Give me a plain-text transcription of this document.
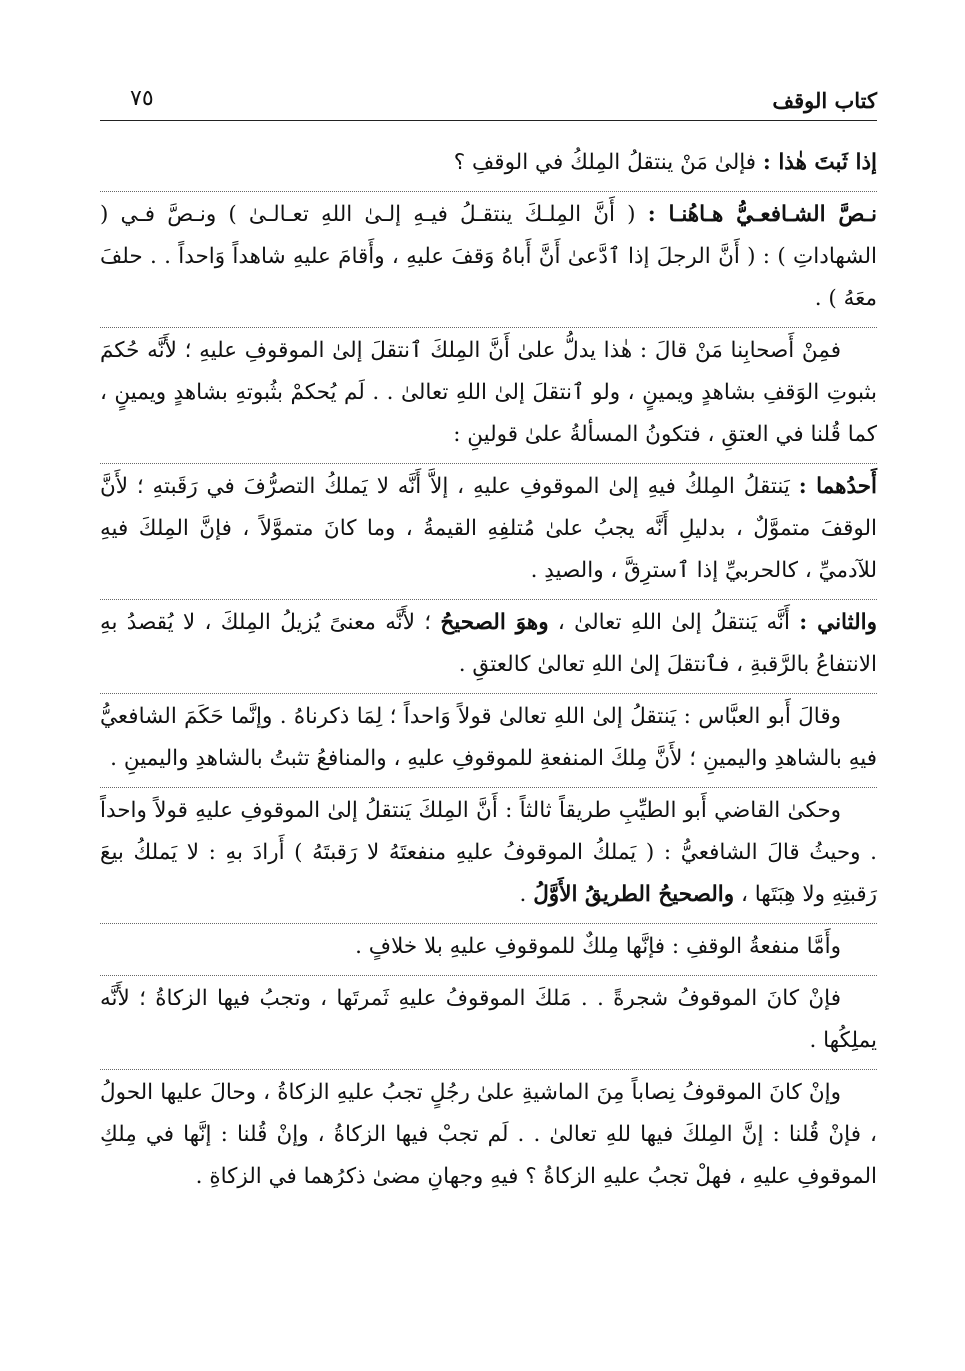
كتاب الوقف
٧٥

إذا ثَبتَ هٰذا : فإلىٰ مَنْ ينتقلُ المِلكُ في الوقفِ ؟

نـصَّ الشـافعـيُّ هـاهُنـا : ( أَنَّ المِلـكَ ينتقـلُ فيـهِ إلـىٰ اللهِ تعـالـىٰ ) ونـصَّ فـي ( الشهاداتِ ) : ( أَنَّ الرجلَ إذا ٱدَّعىٰ أَنَّ أَباهُ وَقفَ عليهِ ، وأَقامَ عليهِ شاهداً وَاحداً . . حلفَ معَهُ ) .

فمِنْ أَصحابِنا مَنْ قالَ : هٰذا يدلُّ علىٰ أَنَّ المِلكَ ٱنتقلَ إلىٰ الموقوفِ عليهِ ؛ لأَنَّه حُكمَ بثبوتِ الوَقفِ بشاهدٍ ويمينٍ ، ولو ٱنتقلَ إلىٰ اللهِ تعالىٰ . . لَم يُحكمْ بثُبوتهِ بشاهدٍ ويمينٍ ، كما قُلنا في العتقِ ، فتكونُ المسألةُ علىٰ قولينِ :

أَحدُهما : يَنتقلُ المِلكُ فيهِ إلىٰ الموقوفِ عليهِ ، إلاَّ أَنَّه لا يَملكُ التصرُّفَ في رَقَبتهِ ؛ لأَنَّ الوقفَ متموَّلٌ ، بدليلِ أَنَّه يجبُ علىٰ مُتلفِهِ القيمةُ ، وما كانَ متموَّلاً ، فإنَّ المِلكَ فيهِ للآدميِّ ، كالحربيِّ إذا ٱسترِقَّ ، والصيدِ .

والثاني : أَنَّه يَنتقلُ إلىٰ اللهِ تعالىٰ ، وهوَ الصحيحُ ؛ لأَنَّه معنىً يُزيلُ المِلكَ ، لا يُقصدُ بهِ الانتفاعُ بالرَّقبةِ ، فٱنتقلَ إلىٰ اللهِ تعالىٰ كالعتقِ .

وقالَ أَبو العبَّاس : يَنتقلُ إلىٰ اللهِ تعالىٰ قولاً وَاحداً ؛ لِمَا ذكرناهُ . وإنَّما حَكَمَ الشافعيُّ فيهِ بالشاهدِ واليمينِ ؛ لأَنَّ مِلكَ المنفعةِ للموقوفِ عليهِ ، والمنافعُ تثبتُ بالشاهدِ واليمينِ .

وحكىٰ القاضي أَبو الطيِّبِ طريقاً ثالثاً : أَنَّ المِلكَ يَنتقلُ إلىٰ الموقوفِ عليهِ قولاً واحداً . وحيثُ قالَ الشافعيُّ : ( يَملكُ الموقوفُ عليهِ منفعتَهُ لا رَقبتَهُ ) أَرادَ بهِ : لا يَملكُ بيعَ رَقبتِهِ ولا هِبَتَها ، والصحيحُ الطريقُ الأَوَّلُ .

وأَمَّا منفعةُ الوقفِ : فإنَّها مِلكٌ للموقوفِ عليهِ بلا خلافٍ .

فإنْ كانَ الموقوفُ شجرةً . . مَلكَ الموقوفُ عليهِ ثَمرتَها ، وتجبُ فيها الزكاةُ ؛ لأَنَّه يملِكُها .

وإنْ كانَ الموقوفُ نِصاباً مِنَ الماشيةِ علىٰ رجُلٍ تجبُ عليهِ الزكاةُ ، وحالَ عليها الحولُ ، فإنْ قُلنا : إنَّ المِلكَ فيها للهِ تعالىٰ . . لَم تجبْ فيها الزكاةُ ، وإنْ قُلنا : إنَّها في مِلكِ الموقوفِ عليهِ ، فهلْ تجبُ عليهِ الزكاةُ ؟ فيهِ وجهانِ مضىٰ ذكرُهما في الزكاةِ .
